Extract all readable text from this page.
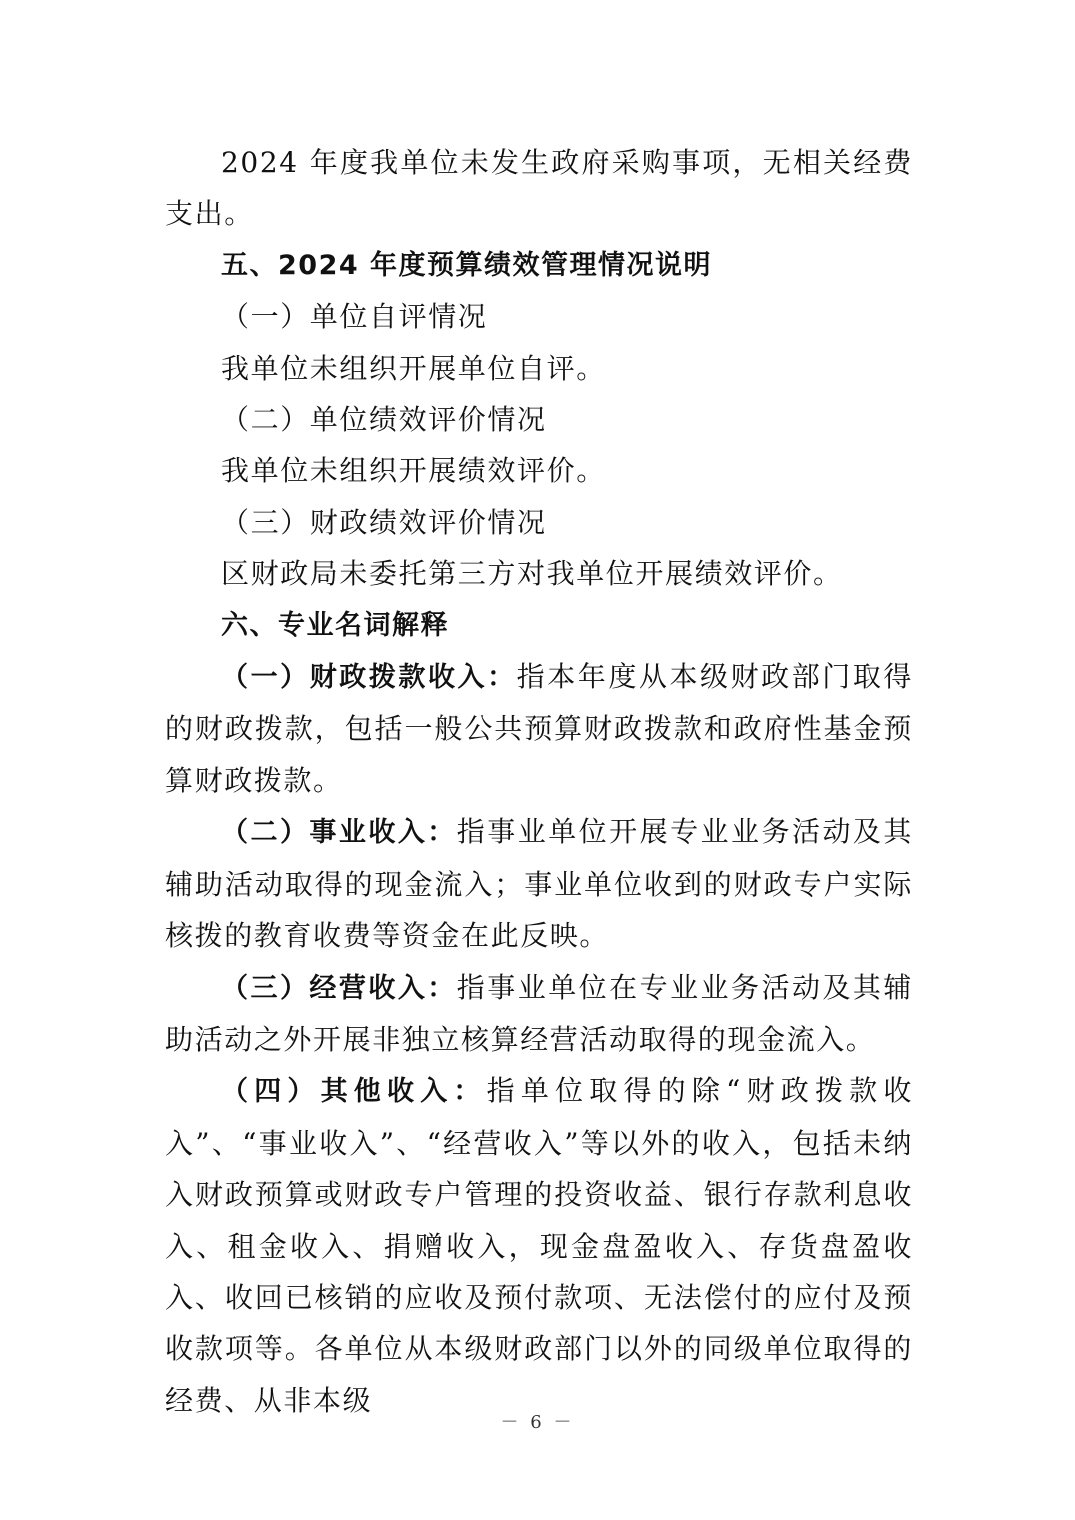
2024 年度我单位未发生政府采购事项，无相关经费支出。

五、2024 年度预算绩效管理情况说明

（一）单位自评情况

我单位未组织开展单位自评。

（二）单位绩效评价情况

我单位未组织开展绩效评价。

（三）财政绩效评价情况

区财政局未委托第三方对我单位开展绩效评价。

六、专业名词解释

（一）财政拨款收入：指本年度从本级财政部门取得的财政拨款，包括一般公共预算财政拨款和政府性基金预算财政拨款。

（二）事业收入：指事业单位开展专业业务活动及其辅助活动取得的现金流入；事业单位收到的财政专户实际核拨的教育收费等资金在此反映。

（三）经营收入：指事业单位在专业业务活动及其辅助活动之外开展非独立核算经营活动取得的现金流入。

（四）其他收入：指单位取得的除“财政拨款收入”、“事业收入”、“经营收入”等以外的收入，包括未纳入财政预算或财政专户管理的投资收益、银行存款利息收入、租金收入、捐赠收入，现金盘盈收入、存货盘盈收入、收回已核销的应收及预付款项、无法偿付的应付及预收款项等。各单位从本级财政部门以外的同级单位取得的经费、从非本级

－ 6 －
